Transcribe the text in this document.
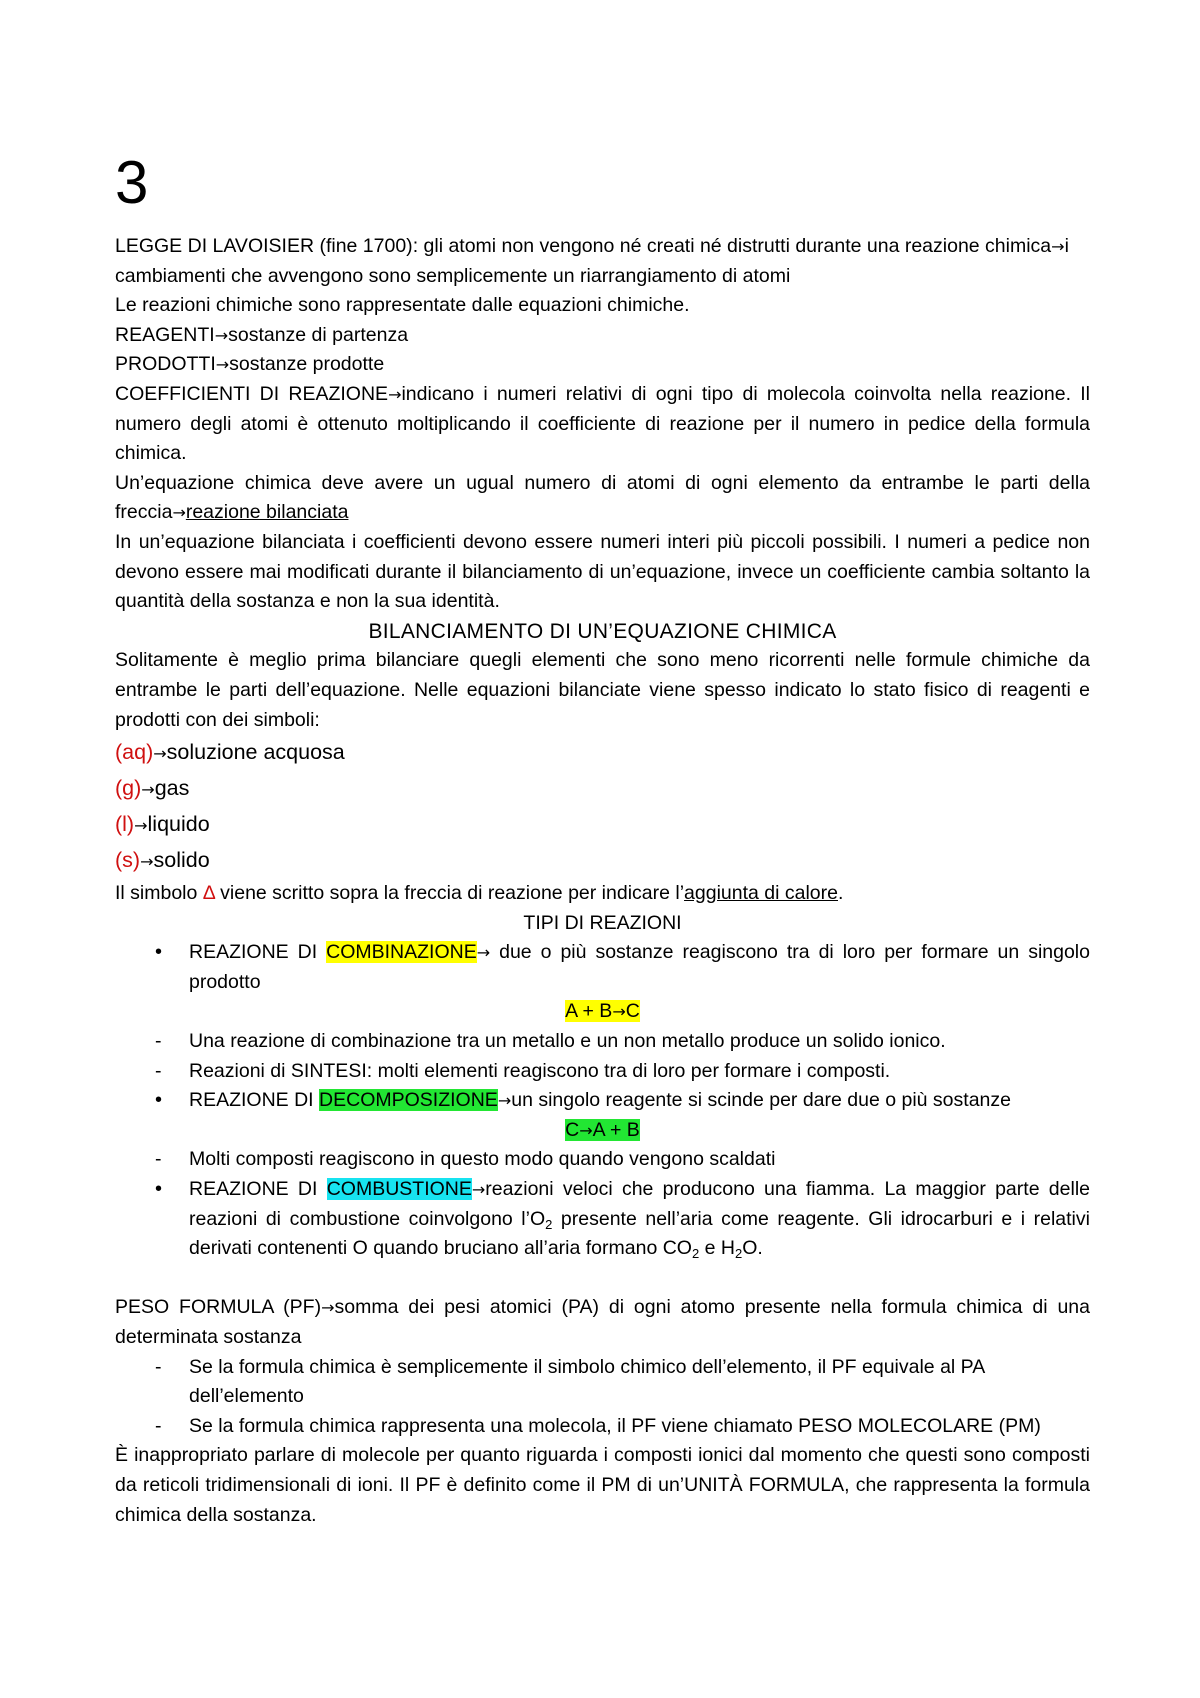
3

LEGGE DI LAVOISIER (fine 1700): gli atomi non vengono né creati né distrutti durante una reazione chimica→i cambiamenti che avvengono sono semplicemente un riarrangiamento di atomi

Le reazioni chimiche sono rappresentate dalle equazioni chimiche.

REAGENTI→sostanze di partenza

PRODOTTI→sostanze prodotte

COEFFICIENTI DI REAZIONE→indicano i numeri relativi di ogni tipo di molecola coinvolta nella reazione. Il numero degli atomi è ottenuto moltiplicando il coefficiente di reazione per il numero in pedice della formula chimica.

Un’equazione chimica deve avere un ugual numero di atomi di ogni elemento da entrambe le parti della freccia→reazione bilanciata

In un’equazione bilanciata i coefficienti devono essere numeri interi più piccoli possibili. I numeri a pedice non devono essere mai modificati durante il bilanciamento di un’equazione, invece un coefficiente cambia soltanto la quantità della sostanza e non la sua identità.

BILANCIAMENTO DI UN’EQUAZIONE CHIMICA

Solitamente è meglio prima bilanciare quegli elementi che sono meno ricorrenti nelle formule chimiche da entrambe le parti dell’equazione. Nelle equazioni bilanciate viene spesso indicato lo stato fisico di reagenti e prodotti con dei simboli:

(aq)→soluzione acquosa

(g)→gas

(l)→liquido

(s)→solido

Il simbolo Δ viene scritto sopra la freccia di reazione per indicare l’aggiunta di calore.

TIPI DI REAZIONI

• REAZIONE DI COMBINAZIONE→ due o più sostanze reagiscono tra di loro per formare un singolo prodotto

A + B→C

- Una reazione di combinazione tra un metallo e un non metallo produce un solido ionico.
- Reazioni di SINTESI: molti elementi reagiscono tra di loro per formare i composti.
• REAZIONE DI DECOMPOSIZIONE→un singolo reagente si scinde per dare due o più sostanze

C→A + B

- Molti composti reagiscono in questo modo quando vengono scaldati
• REAZIONE DI COMBUSTIONE→reazioni veloci che producono una fiamma. La maggior parte delle reazioni di combustione coinvolgono $l’O_2$ presente nell’aria come reagente. Gli idrocarburi e i relativi derivati contenenti O quando bruciano all’aria formano $CO_2$ e $H_2O$.

PESO FORMULA (PF)→somma dei pesi atomici (PA) di ogni atomo presente nella formula chimica di una determinata sostanza

- Se la formula chimica è semplicemente il simbolo chimico dell’elemento, il PF equivale al PA dell’elemento
- Se la formula chimica rappresenta una molecola, il PF viene chiamato PESO MOLECOLARE (PM)

È inappropriato parlare di molecole per quanto riguarda i composti ionici dal momento che questi sono composti da reticoli tridimensionali di ioni. Il PF è definito come il PM di un’UNITÀ FORMULA, che rappresenta la formula chimica della sostanza.
